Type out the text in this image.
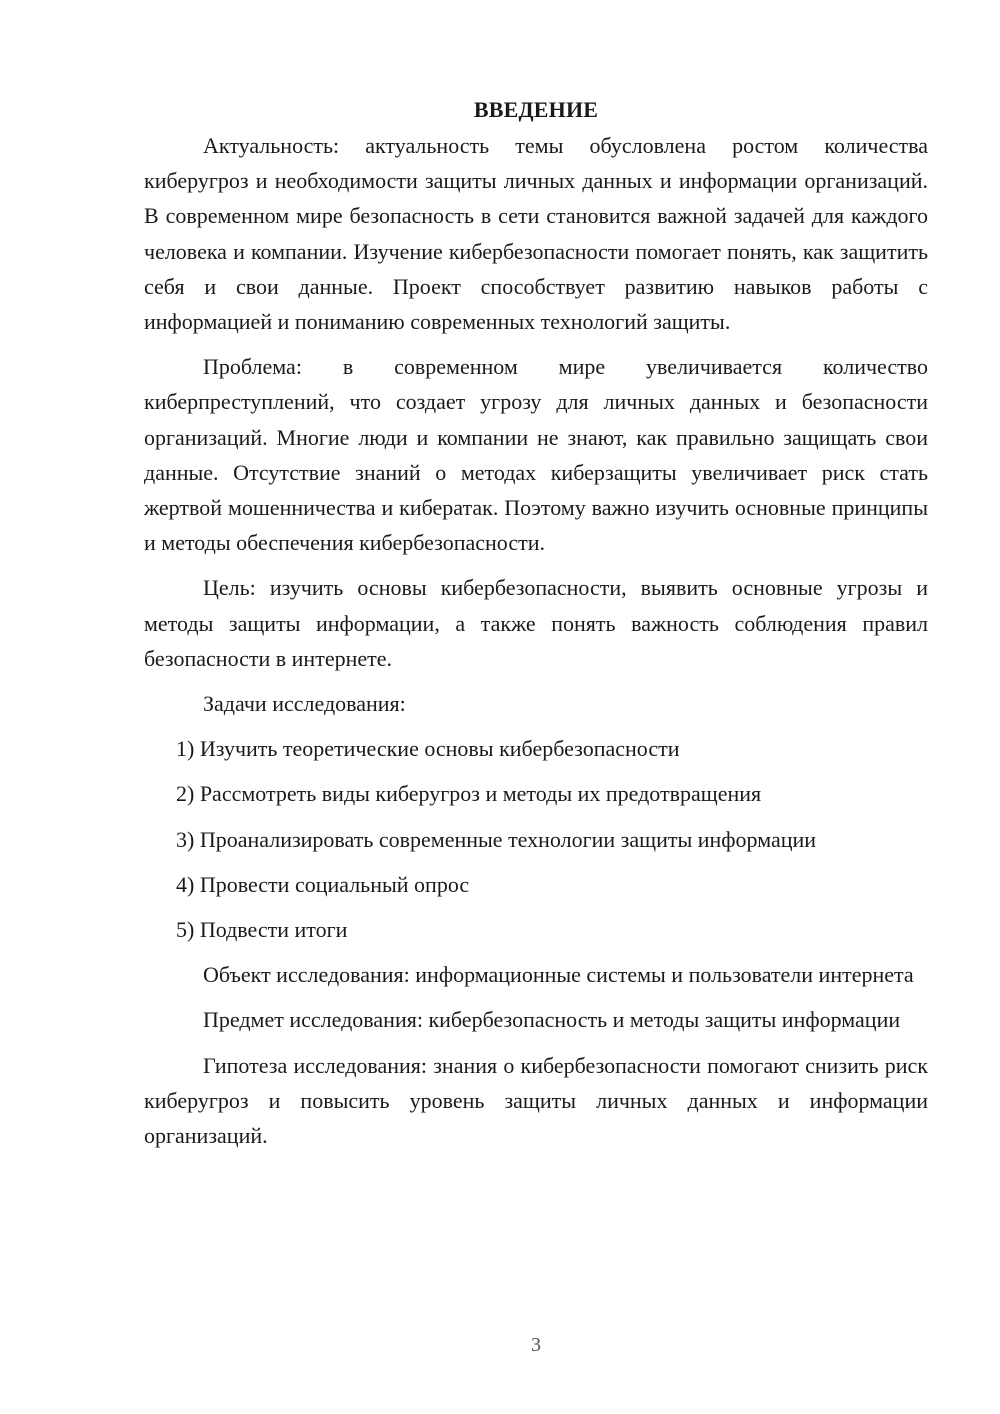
ВВЕДЕНИЕ

Актуальность: актуальность темы обусловлена ростом количества киберугроз и необходимости защиты личных данных и информации организаций. В современном мире безопасность в сети становится важной задачей для каждого человека и компании. Изучение кибербезопасности помогает понять, как защитить себя и свои данные. Проект способствует развитию навыков работы с информацией и пониманию современных технологий защиты.

Проблема: в современном мире увеличивается количество киберпреступлений, что создает угрозу для личных данных и безопасности организаций. Многие люди и компании не знают, как правильно защищать свои данные. Отсутствие знаний о методах киберзащиты увеличивает риск стать жертвой мошенничества и кибератак. Поэтому важно изучить основные принципы и методы обеспечения кибербезопасности.

Цель: изучить основы кибербезопасности, выявить основные угрозы и методы защиты информации, а также понять важность соблюдения правил безопасности в интернете.

Задачи исследования:

1) Изучить теоретические основы кибербезопасности
2) Рассмотреть виды киберугроз и методы их предотвращения
3) Проанализировать современные технологии защиты информации
4) Провести социальный опрос
5) Подвести итоги

Объект исследования: информационные системы и пользователи интернета

Предмет исследования: кибербезопасность и методы защиты информации

Гипотеза исследования: знания о кибербезопасности помогают снизить риск киберугроз и повысить уровень защиты личных данных и информации организаций.

3
